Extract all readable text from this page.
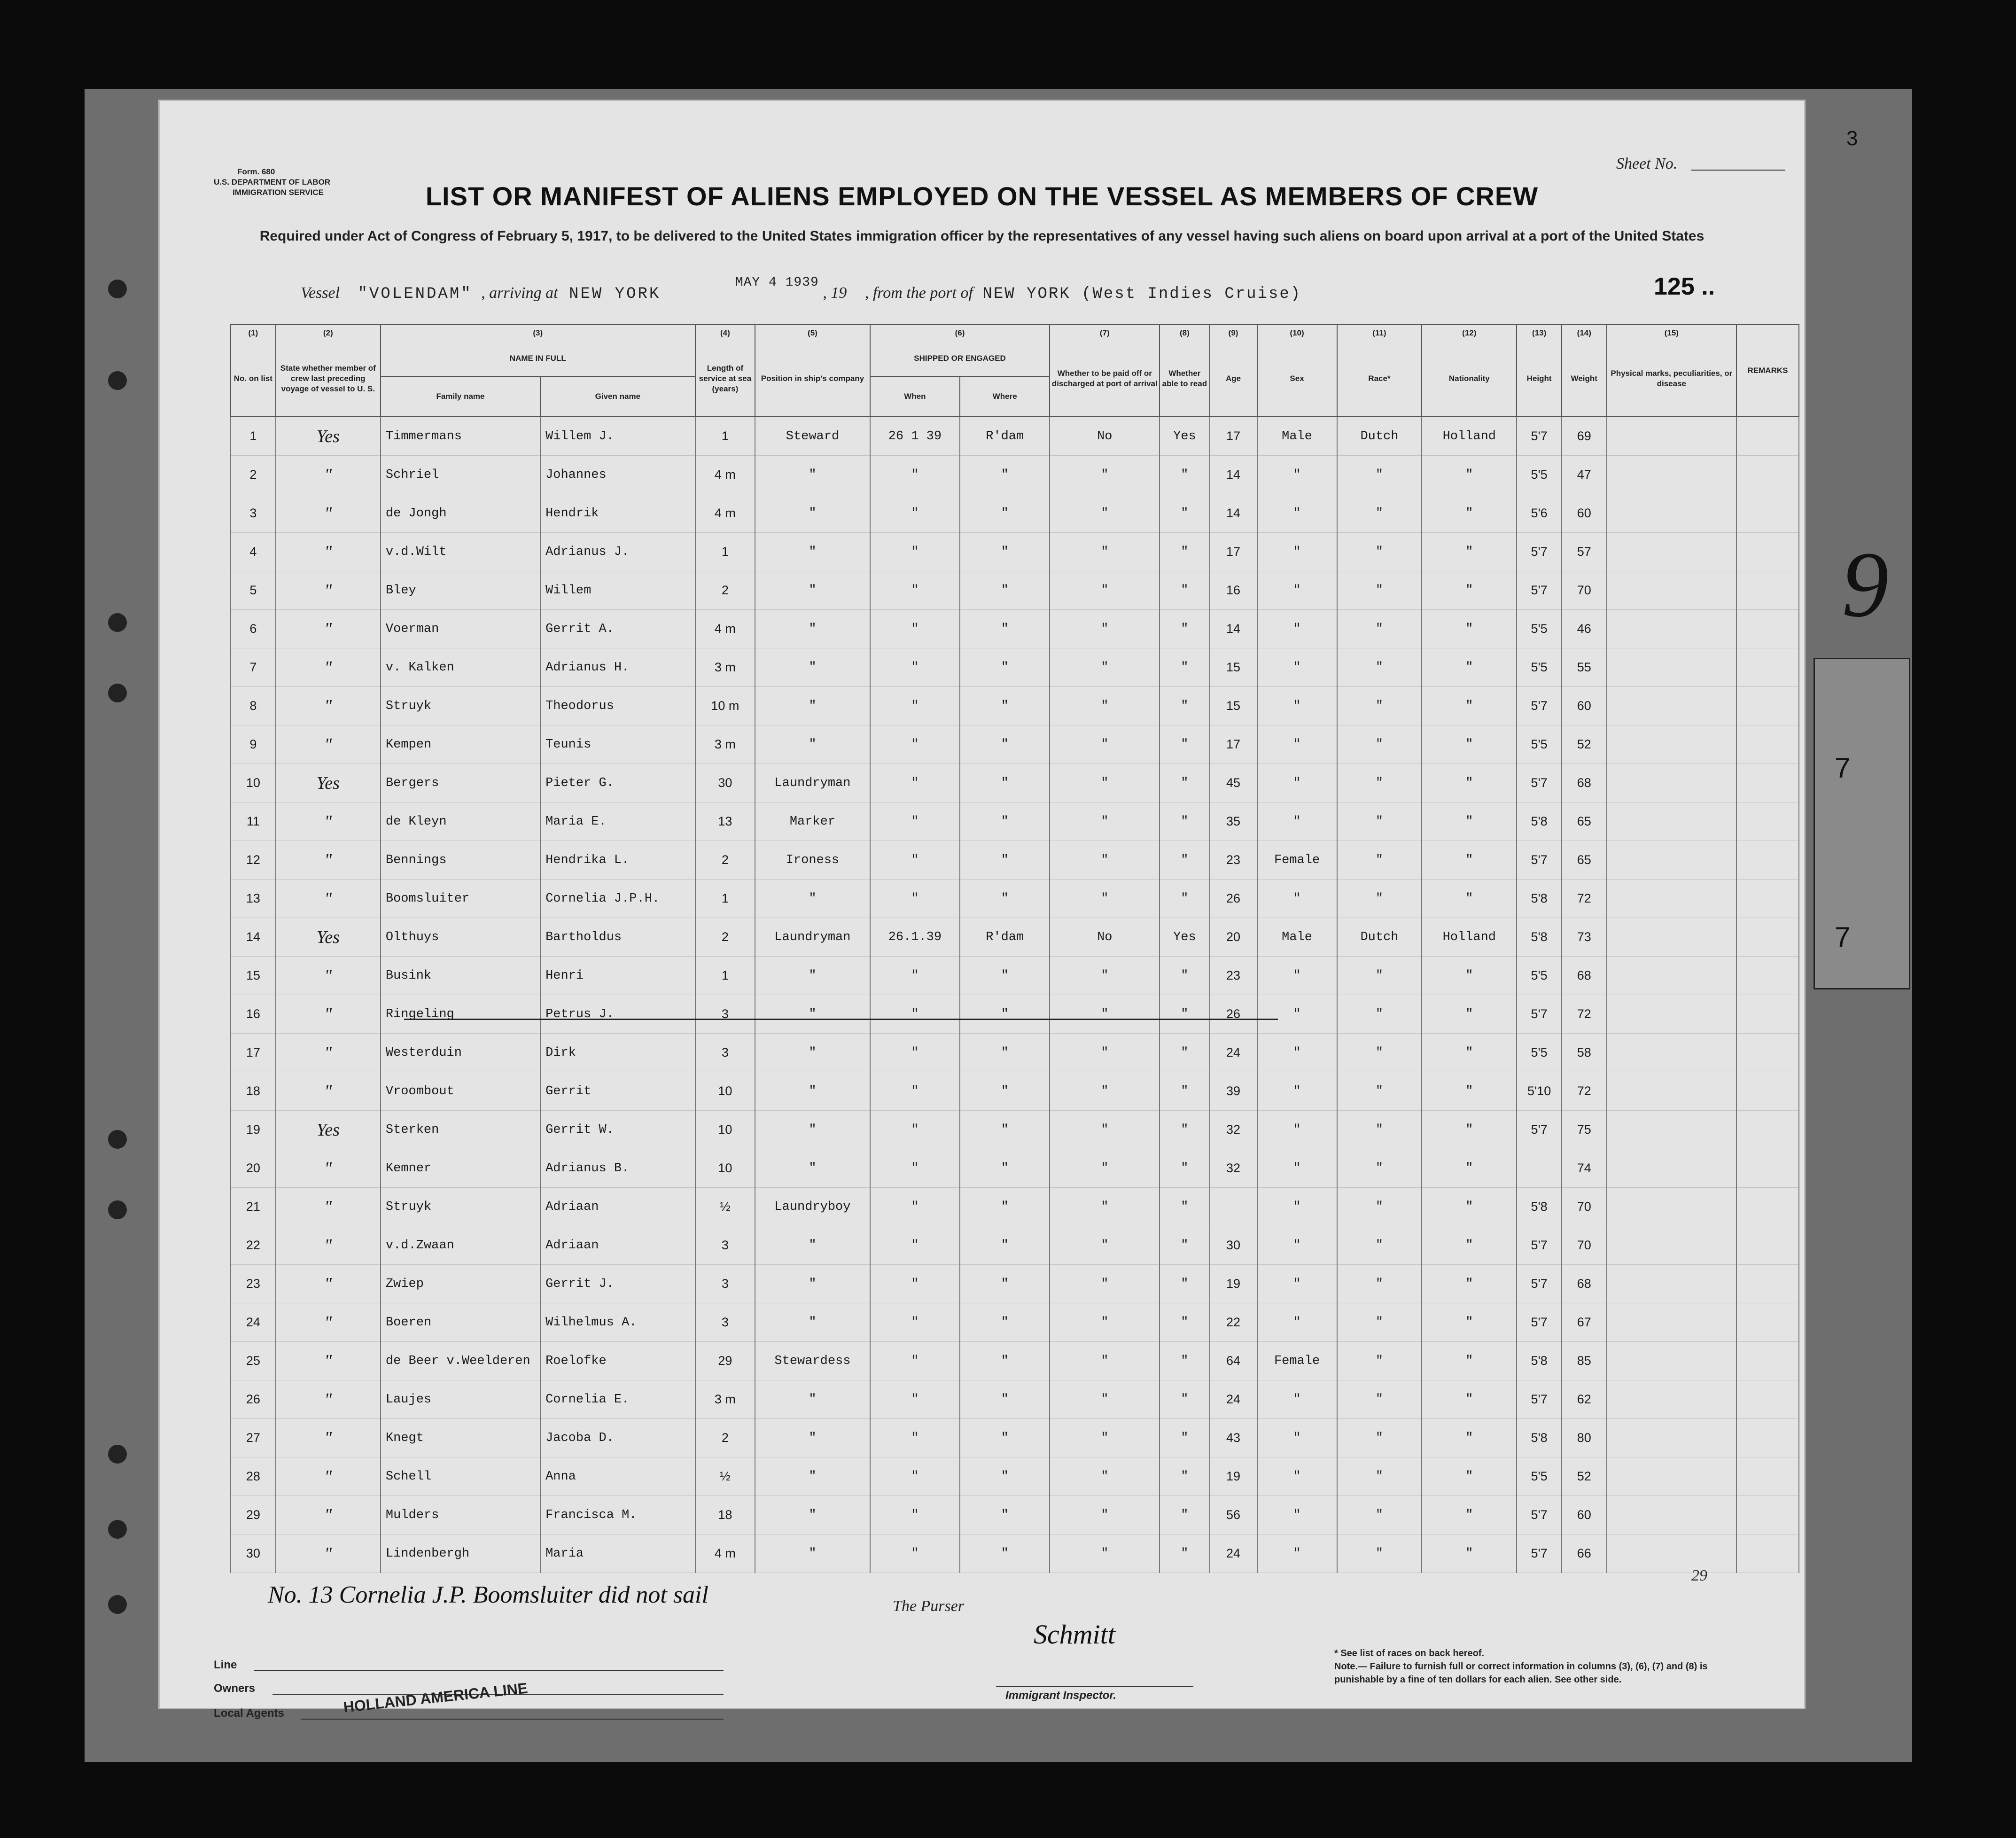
7
7
9
3
Form. 680
U.S. DEPARTMENT OF LABOR
IMMIGRATION SERVICE
Sheet No.
LIST OR MANIFEST OF ALIENS EMPLOYED ON THE VESSEL AS MEMBERS OF CREW
Required under Act of Congress of February 5, 1917, to be delivered to the United States immigration officer by the representatives of any vessel having such aliens on board upon arrival at a port of the United States
Vessel "VOLENDAM" , arriving at NEW YORK $^{MAY 4 1939}$ , 19 , from the port of NEW YORK (West Indies Cruise)	125 ..
(1)	(2)	(3)		(4)	(5)	(6)		(7)	(8)	(9)	(10)	(11)	(12)	(13)	(14)	(15)	REMARKS
No. on list	State whether member of crew last preceding voyage of vessel to U. S.	NAME IN FULL		Length of service at sea (years)	Position in ship's company	SHIPPED OR ENGAGED		Whether to be paid off or discharged at port of arrival	Whether able to read	Age	Sex	Race*	Nationality	Height	Weight	Physical marks, peculiarities, or disease	
		Family name	Given name			When	Where										
1	Yes	Timmermans	Willem J.	1	Steward	26 1 39	R'dam	No	Yes	17	Male	Dutch	Holland	5'7	69		
2	"	Schriel	Johannes	4 m	"	"	"	"	"	14	"	"	"	5'5	47		
3	"	de Jongh	Hendrik	4 m	"	"	"	"	"	14	"	"	"	5'6	60		
4	"	v.d.Wilt	Adrianus J.	1	"	"	"	"	"	17	"	"	"	5'7	57		
5	"	Bley	Willem	2	"	"	"	"	"	16	"	"	"	5'7	70		
6	"	Voerman	Gerrit A.	4 m	"	"	"	"	"	14	"	"	"	5'5	46		
7	"	v. Kalken	Adrianus H.	3 m	"	"	"	"	"	15	"	"	"	5'5	55		
8	"	Struyk	Theodorus	10 m	"	"	"	"	"	15	"	"	"	5'7	60		
9	"	Kempen	Teunis	3 m	"	"	"	"	"	17	"	"	"	5'5	52		
10	Yes	Bergers	Pieter G.	30	Laundryman	"	"	"	"	45	"	"	"	5'7	68		
11	"	de Kleyn	Maria E.	13	Marker	"	"	"	"	35	"	"	"	5'8	65		
12	"	Bennings	Hendrika L.	2	Ironess	"	"	"	"	23	Female	"	"	5'7	65		
13	"	Boomsluiter	Cornelia J.P.H.	1	"	"	"	"	"	26	"	"	"	5'8	72		
14	Yes	Olthuys	Bartholdus	2	Laundryman	26.1.39	R'dam	No	Yes	20	Male	Dutch	Holland	5'8	73		
15	"	Busink	Henri	1	"	"	"	"	"	23	"	"	"	5'5	68		
16	"	Ringeling	Petrus J.	3	"	"	"	"	"	26	"	"	"	5'7	72		
17	"	Westerduin	Dirk	3	"	"	"	"	"	24	"	"	"	5'5	58		
18	"	Vroombout	Gerrit	10	"	"	"	"	"	39	"	"	"	5'10	72		
19	Yes	Sterken	Gerrit W.	10	"	"	"	"	"	32	"	"	"	5'7	75		
20	"	Kemner	Adrianus B.	10	"	"	"	"	"	32	"	"	"		74		
21	"	Struyk	Adriaan	½	Laundryboy	"	"	"	"		"	"	"	5'8	70		
22	"	v.d.Zwaan	Adriaan	3	"	"	"	"	"	30	"	"	"	5'7	70		
23	"	Zwiep	Gerrit J.	3	"	"	"	"	"	19	"	"	"	5'7	68		
24	"	Boeren	Wilhelmus A.	3	"	"	"	"	"	22	"	"	"	5'7	67		
25	"	de Beer v.Weelderen	Roelofke	29	Stewardess	"	"	"	"	64	Female	"	"	5'8	85		
26	"	Laujes	Cornelia E.	3 m	"	"	"	"	"	24	"	"	"	5'7	62		
27	"	Knegt	Jacoba D.	2	"	"	"	"	"	43	"	"	"	5'8	80		
28	"	Schell	Anna	½	"	"	"	"	"	19	"	"	"	5'5	52		
29	"	Mulders	Francisca M.	18	"	"	"	"	"	56	"	"	"	5'7	60		
30	"	Lindenbergh	Maria	4 m	"	"	"	"	"	24	"	"	"	5'7	66		
No. 13 Cornelia J.P. Boomsluiter did not sail
Line
Owners
Local Agents	HOLLAND AMERICA LINE
The Purser
Schmitt
Immigrant Inspector.
* See list of races on back hereof.
Note.— Failure to furnish full or correct information in columns (3), (6), (7) and (8) is punishable by a fine of ten dollars for each alien. See other side.
29
